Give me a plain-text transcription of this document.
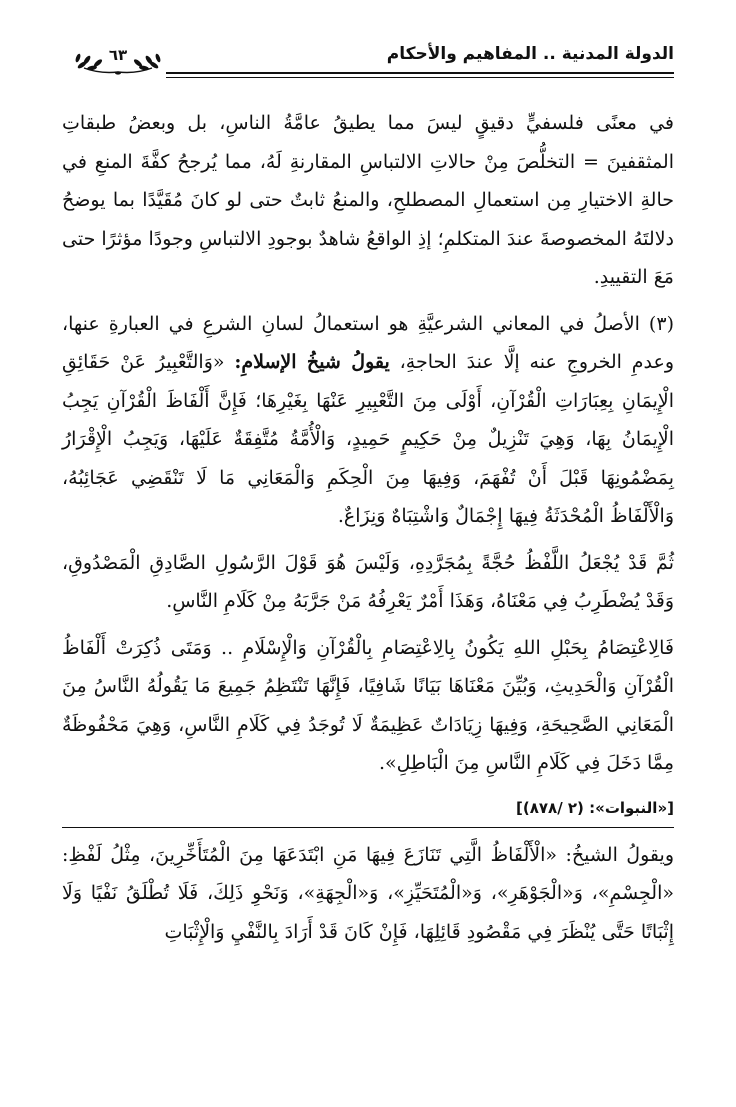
الدولة المدنية .. المفاهيم والأحكام
٦٣

في معنًى فلسفيٍّ دقيقٍ ليسَ مما يطيقُ عامَّةُ الناسِ، بل وبعضُ طبقاتِ المثقفينَ = التخلُّصَ مِنْ حالاتِ الالتباسِ المقارنةِ لَهُ، مما يُرجحُ كفَّةَ المنعِ في حالةِ الاختيارِ مِن استعمالِ المصطلحِ، والمنعُ ثابتٌ حتى لو كانَ مُقَيَّدًا بما يوضحُ دلالتَهُ المخصوصةَ عندَ المتكلمِ؛ إذِ الواقعُ شاهدٌ بوجودِ الالتباسِ وجودًا مؤثرًا حتى مَعَ التقييدِ.

(٣) الأصلُ في المعاني الشرعيَّةِ هو استعمالُ لسانِ الشرعِ في العبارةِ عنها، وعدمِ الخروجِ عنه إلَّا عندَ الحاجةِ، يقولُ شيخُ الإسلامِ: «وَالتَّعْبِيرُ عَنْ حَقَائِقِ الْإِيمَانِ بِعِبَارَاتِ الْقُرْآنِ، أَوْلَى مِنَ التَّعْبِيرِ عَنْهَا بِغَيْرِهَا؛ فَإِنَّ أَلْفَاظَ الْقُرْآنِ يَجِبُ الْإِيمَانُ بِهَا، وَهِيَ تَنْزِيلٌ مِنْ حَكِيمٍ حَمِيدٍ، وَالْأُمَّةُ مُتَّفِقَةٌ عَلَيْهَا، وَيَجِبُ الْإِقْرَارُ بِمَضْمُونِهَا قَبْلَ أَنْ تُفْهَمَ، وَفِيهَا مِنَ الْحِكَمِ وَالْمَعَانِي مَا لَا تَنْقَضِي عَجَائِبُهُ، وَالْأَلْفَاظُ الْمُحْدَثَةُ فِيهَا إِجْمَالٌ وَاشْتِبَاهٌ وَنِزَاعٌ.

ثُمَّ قَدْ يُجْعَلُ اللَّفْظُ حُجَّةً بِمُجَرَّدِهِ، وَلَيْسَ هُوَ قَوْلَ الرَّسُولِ الصَّادِقِ الْمَصْدُوقِ، وَقَدْ يُضْطَرِبُ فِي مَعْنَاهُ، وَهَذَا أَمْرٌ يَعْرِفُهُ مَنْ جَرَّبَهُ مِنْ كَلَامِ النَّاسِ.

فَالِاعْتِصَامُ بِحَبْلِ اللهِ يَكُونُ بِالِاعْتِصَامِ بِالْقُرْآنِ وَالْإِسْلَامِ .. وَمَتَى ذُكِرَتْ أَلْفَاظُ الْقُرْآنِ وَالْحَدِيثِ، وَبُيِّنَ مَعْنَاهَا بَيَانًا شَافِيًا، فَإِنَّهَا تَنْتَظِمُ جَمِيعَ مَا يَقُولُهُ النَّاسُ مِنَ الْمَعَانِي الصَّحِيحَةِ، وَفِيهَا زِيَادَاتٌ عَظِيمَةٌ لَا تُوجَدُ فِي كَلَامِ النَّاسِ، وَهِيَ مَحْفُوظَةٌ مِمَّا دَخَلَ فِي كَلَامِ النَّاسِ مِنَ الْبَاطِلِ».

[«النبوات»: (٢ /٨٧٨)]

ويقولُ الشيخُ: «الْأَلْفَاظُ الَّتِي تَنَازَعَ فِيهَا مَنِ ابْتَدَعَهَا مِنَ الْمُتَأَخِّرِينَ، مِثْلُ لَفْظِ: «الْجِسْمِ»، وَ«الْجَوْهَرِ»، وَ«الْمُتَحَيِّزِ»، وَ«الْجِهَةِ»، وَنَحْوِ ذَلِكَ، فَلَا تُطْلَقُ نَفْيًا وَلَا إِثْبَاتًا حَتَّى يُنْظَرَ فِي مَقْصُودِ قَائِلِهَا، فَإِنْ كَانَ قَدْ أَرَادَ بِالنَّفْيِ وَالْإِثْبَاتِ
